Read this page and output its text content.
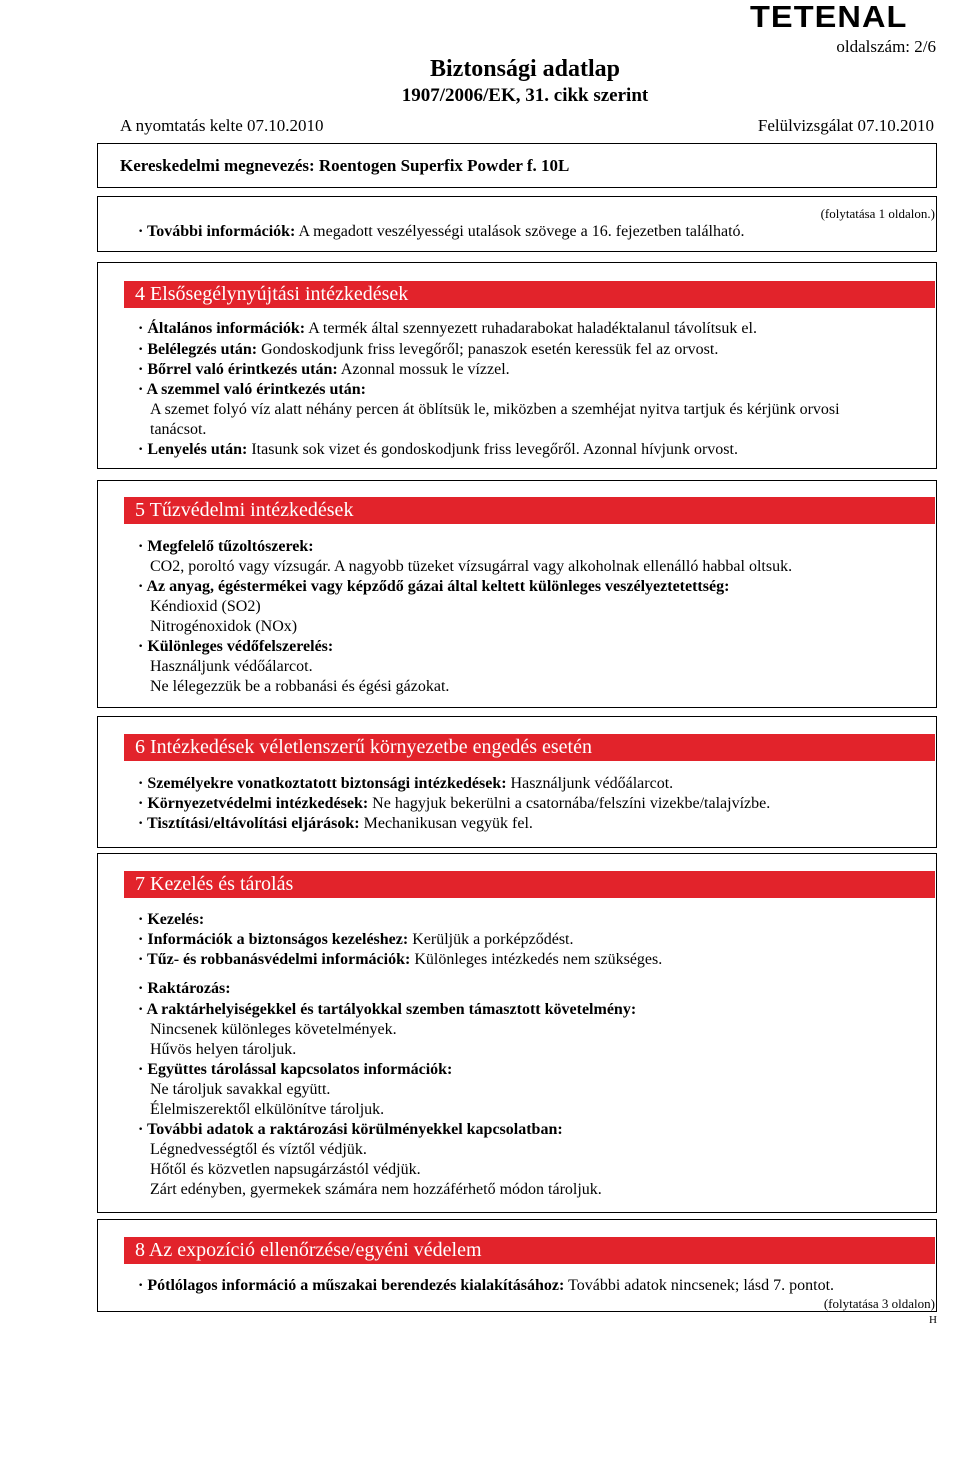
TETENAL
oldalszám: 2/6
Biztonsági adatlap
1907/2006/EK, 31. cikk szerint
A nyomtatás kelte 07.10.2010	Felülvizsgálat 07.10.2010
Kereskedelmi megnevezés: Roentogen Superfix Powder f. 10L
(folytatása 1 oldalon.)
· További információk: A megadott veszélyességi utalások szövege a 16. fejezetben található.
4 Elsősegélynyújtási intézkedések
· Általános információk: A termék által szennyezett ruhadarabokat haladéktalanul távolítsuk el.
· Belélegzés után: Gondoskodjunk friss levegőről; panaszok esetén keressük fel az orvost.
· Bőrrel való érintkezés után: Azonnal mossuk le vízzel.
· A szemmel való érintkezés után:
A szemet folyó víz alatt néhány percen át öblítsük le, miközben a szemhéjat nyitva tartjuk és kérjünk orvosi
tanácsot.
· Lenyelés után: Itasunk sok vizet és gondoskodjunk friss levegőről. Azonnal hívjunk orvost.
5 Tűzvédelmi intézkedések
· Megfelelő tűzoltószerek:
CO2, poroltó vagy vízsugár. A nagyobb tüzeket vízsugárral vagy alkoholnak ellenálló habbal oltsuk.
· Az anyag, égéstermékei vagy képződő gázai által keltett különleges veszélyeztetettség:
Kéndioxid (SO2)
Nitrogénoxidok (NOx)
· Különleges védőfelszerelés:
Használjunk védőálarcot.
Ne lélegezzük be a robbanási és égési gázokat.
6 Intézkedések véletlenszerű környezetbe engedés esetén
· Személyekre vonatkoztatott biztonsági intézkedések: Használjunk védőálarcot.
· Környezetvédelmi intézkedések: Ne hagyjuk bekerülni a csatornába/felszíni vizekbe/talajvízbe.
· Tisztítási/eltávolítási eljárások: Mechanikusan vegyük fel.
7 Kezelés és tárolás
· Kezelés:
· Információk a biztonságos kezeléshez: Kerüljük a porképződést.
· Tűz- és robbanásvédelmi információk: Különleges intézkedés nem szükséges.
· Raktározás:
· A raktárhelyiségekkel és tartályokkal szemben támasztott követelmény:
Nincsenek különleges követelmények.
Hűvös helyen tároljuk.
· Együttes tárolással kapcsolatos információk:
Ne tároljuk savakkal együtt.
Élelmiszerektől elkülönítve tároljuk.
· További adatok a raktározási körülményekkel kapcsolatban:
Légnedvességtől és víztől védjük.
Hőtől és közvetlen napsugárzástól védjük.
Zárt edényben, gyermekek számára nem hozzáférhető módon tároljuk.
8 Az expozíció ellenőrzése/egyéni védelem
· Pótlólagos információ a műszakai berendezés kialakításához: További adatok nincsenek; lásd 7. pontot.
(folytatása 3 oldalon)
H
